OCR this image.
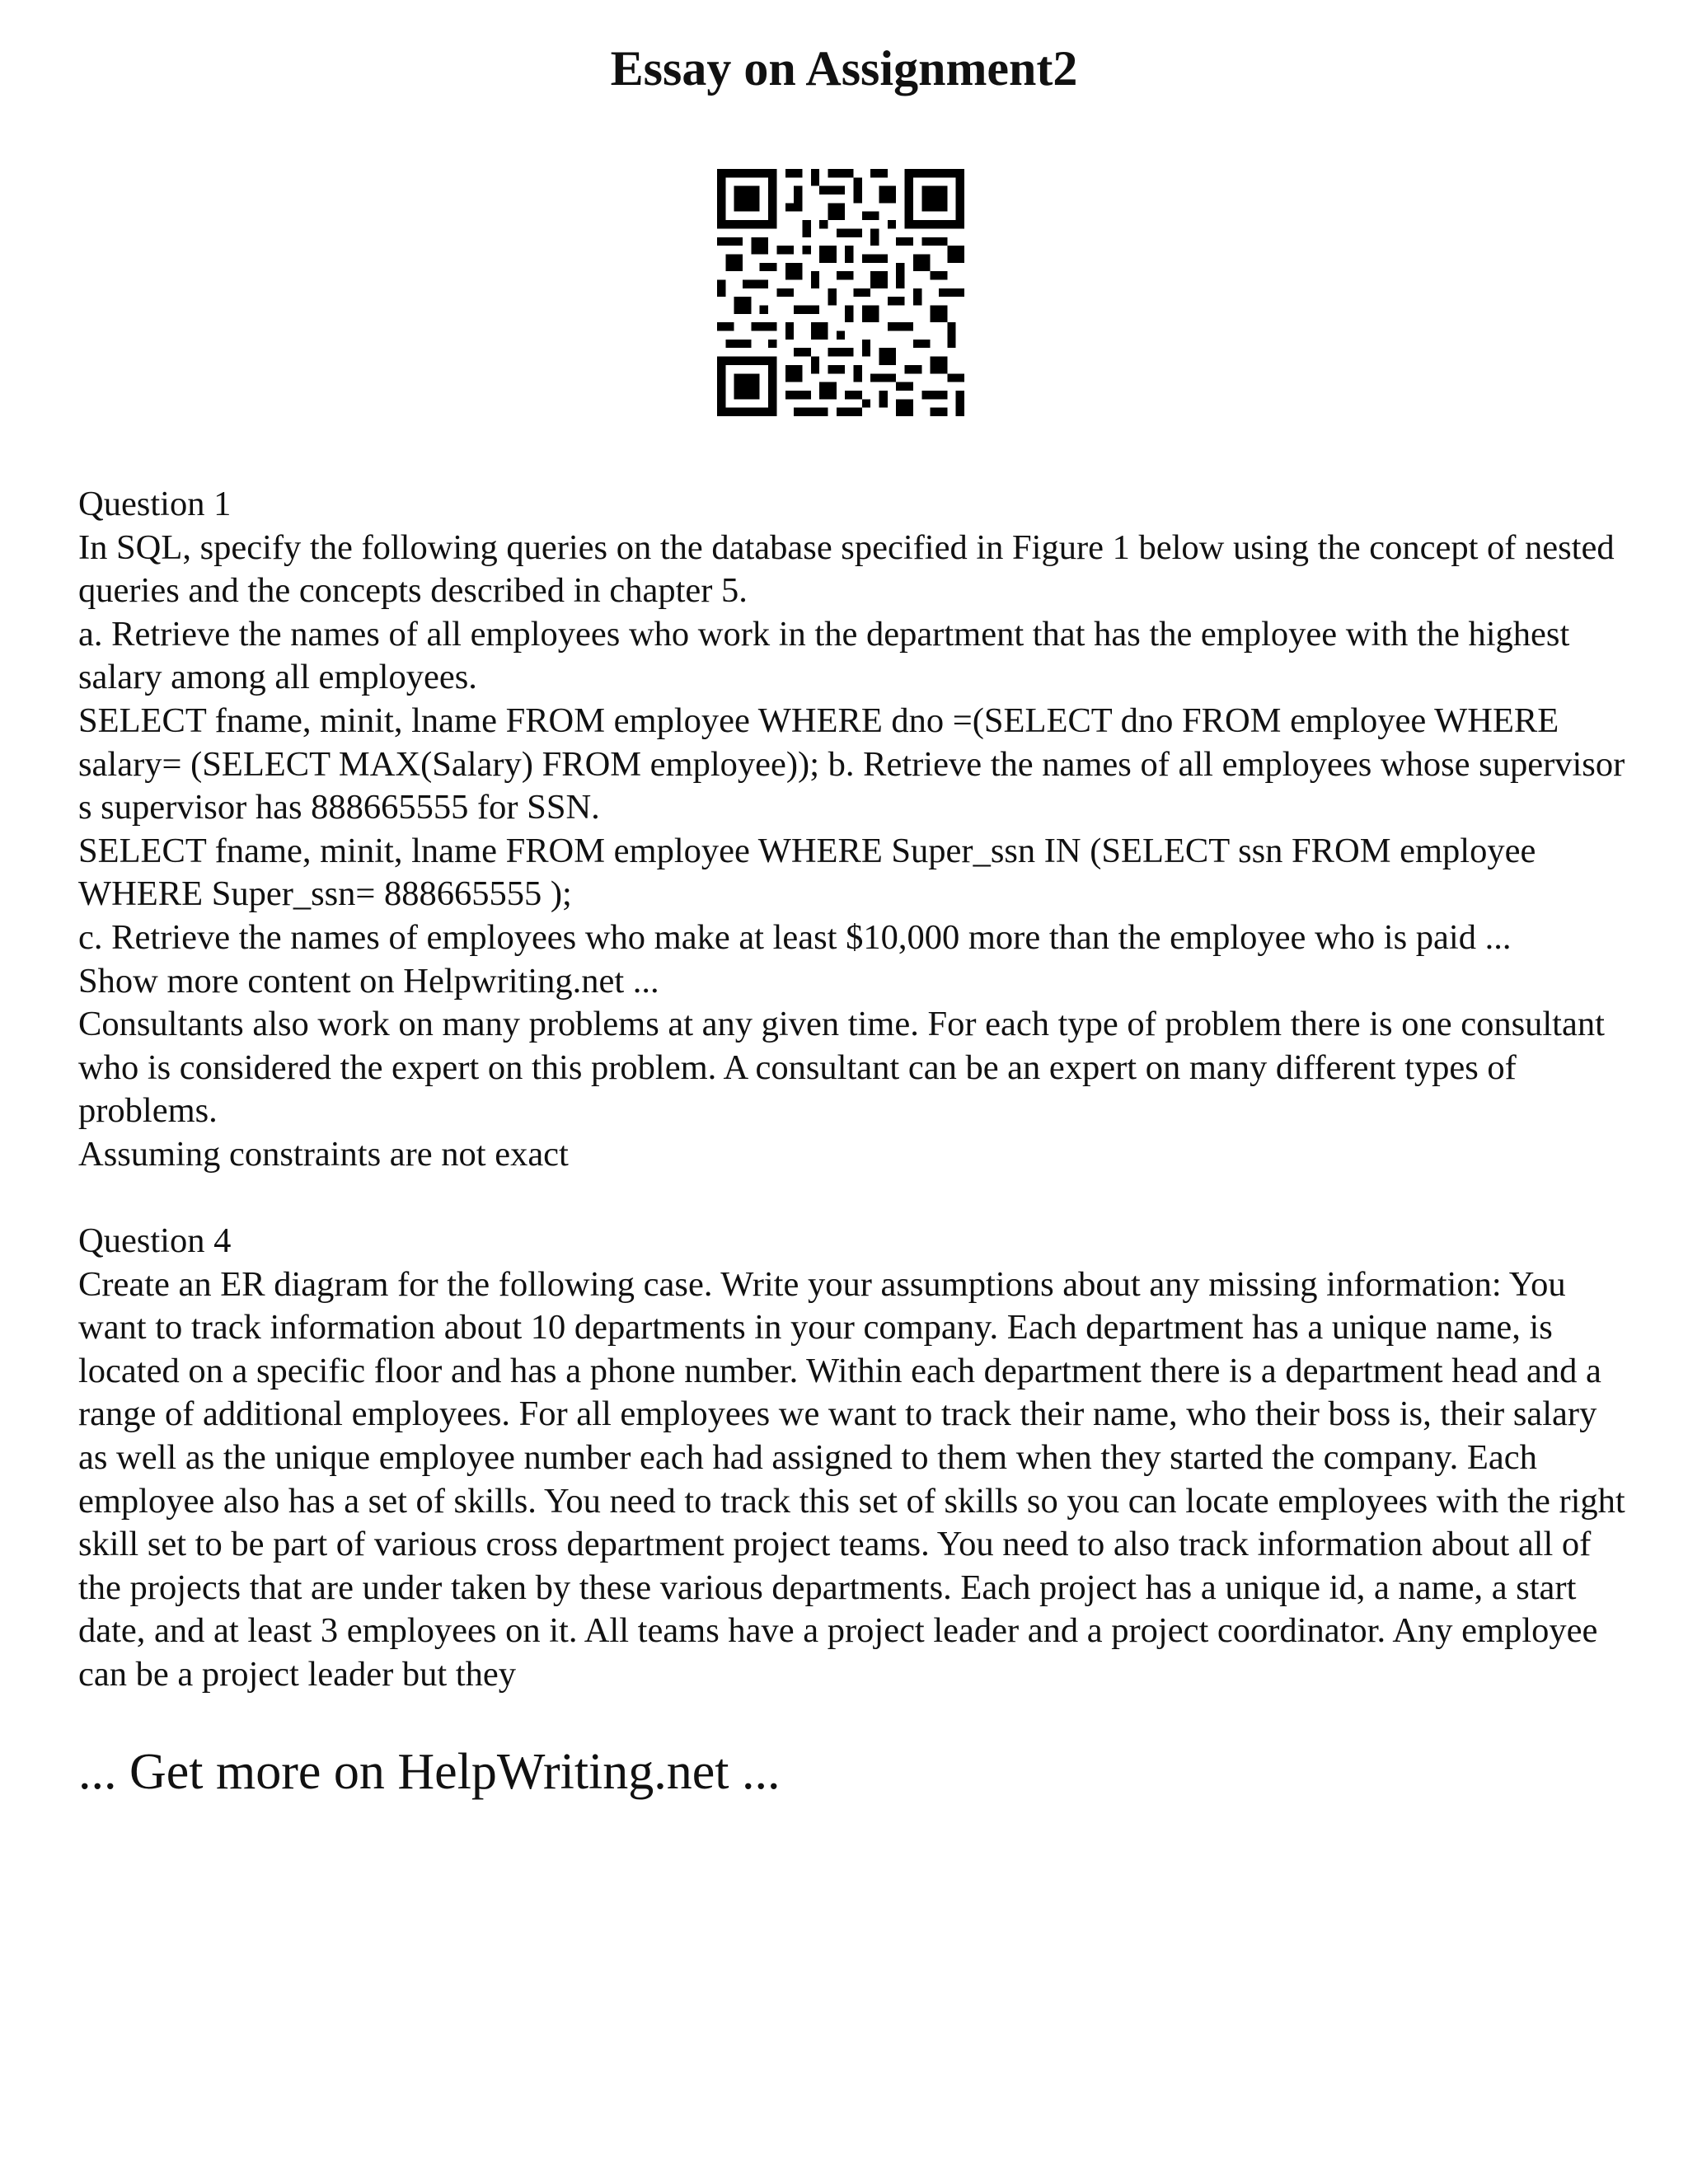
Essay on Assignment2

Question 1

In SQL, specify the following queries on the database specified in Figure 1 below using the concept of nested queries and the concepts described in chapter 5.

a. Retrieve the names of all employees who work in the department that has the employee with the highest salary among all employees.

SELECT fname, minit, lname FROM employee WHERE dno =(SELECT dno FROM employee WHERE salary= (SELECT MAX(Salary) FROM employee)); b. Retrieve the names of all employees whose supervisor s supervisor has 888665555 for SSN.

SELECT fname, minit, lname FROM employee WHERE Super_ssn IN (SELECT ssn FROM employee WHERE Super_ssn= 888665555 );

c. Retrieve the names of employees who make at least $10,000 more than the employee who is paid ...

Show more content on Helpwriting.net ...

Consultants also work on many problems at any given time. For each type of problem there is one consultant who is considered the expert on this problem. A consultant can be an expert on many different types of problems.

Assuming constraints are not exact

Question 4

Create an ER diagram for the following case. Write your assumptions about any missing information: You want to track information about 10 departments in your company. Each department has a unique name, is located on a specific floor and has a phone number. Within each department there is a department head and a range of additional employees. For all employees we want to track their name, who their boss is, their salary as well as the unique employee number each had assigned to them when they started the company. Each employee also has a set of skills. You need to track this set of skills so you can locate employees with the right skill set to be part of various cross department project teams. You need to also track information about all of the projects that are under taken by these various departments. Each project has a unique id, a name, a start date, and at least 3 employees on it. All teams have a project leader and a project coordinator. Any employee can be a project leader but they

... Get more on HelpWriting.net ...
